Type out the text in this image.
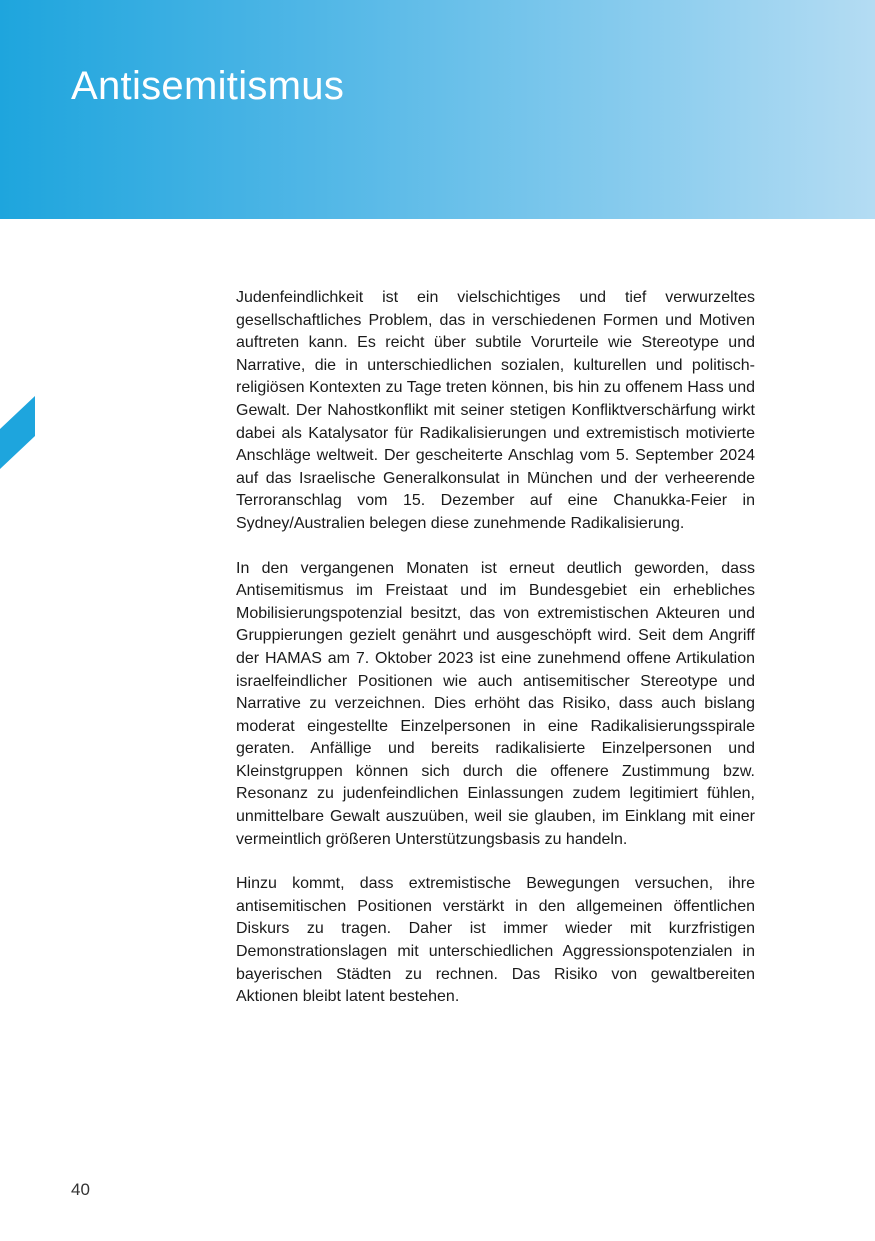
Antisemitismus

Judenfeindlichkeit ist ein vielschichtiges und tief verwurzeltes gesellschaftliches Problem, das in verschiedenen Formen und Motiven auftreten kann. Es reicht über subtile Vorurteile wie Stereotype und Narrative, die in unterschiedlichen sozialen, kulturellen und politisch-religiösen Kontexten zu Tage treten können, bis hin zu offenem Hass und Gewalt. Der Nahostkonflikt mit seiner stetigen Konfliktverschärfung wirkt dabei als Katalysator für Radikalisierungen und extremistisch motivierte Anschläge weltweit. Der gescheiterte Anschlag vom 5. September 2024 auf das Israelische Generalkonsulat in München und der verheerende Terroranschlag vom 15. Dezember auf eine Chanukka-Feier in Sydney/Australien belegen diese zunehmende Radikalisierung.

In den vergangenen Monaten ist erneut deutlich geworden, dass Antisemitismus im Freistaat und im Bundesgebiet ein erhebliches Mobilisierungspotenzial besitzt, das von extremistischen Akteuren und Gruppierungen gezielt genährt und ausgeschöpft wird. Seit dem Angriff der HAMAS am 7. Oktober 2023 ist eine zunehmend offene Artikulation israelfeindlicher Positionen wie auch antisemitischer Stereotype und Narrative zu verzeichnen. Dies erhöht das Risiko, dass auch bislang moderat eingestellte Einzelpersonen in eine Radikalisierungsspirale geraten. Anfällige und bereits radikalisierte Einzelpersonen und Kleinstgruppen können sich durch die offenere Zustimmung bzw. Resonanz zu judenfeindlichen Einlassungen zudem legitimiert fühlen, unmittelbare Gewalt auszuüben, weil sie glauben, im Einklang mit einer vermeintlich größeren Unterstützungsbasis zu handeln.

Hinzu kommt, dass extremistische Bewegungen versuchen, ihre antisemitischen Positionen verstärkt in den allgemeinen öffentlichen Diskurs zu tragen. Daher ist immer wieder mit kurzfristigen Demonstrationslagen mit unterschiedlichen Aggressionspotenzialen in bayerischen Städten zu rechnen. Das Risiko von gewaltbereiten Aktionen bleibt latent bestehen.

40
